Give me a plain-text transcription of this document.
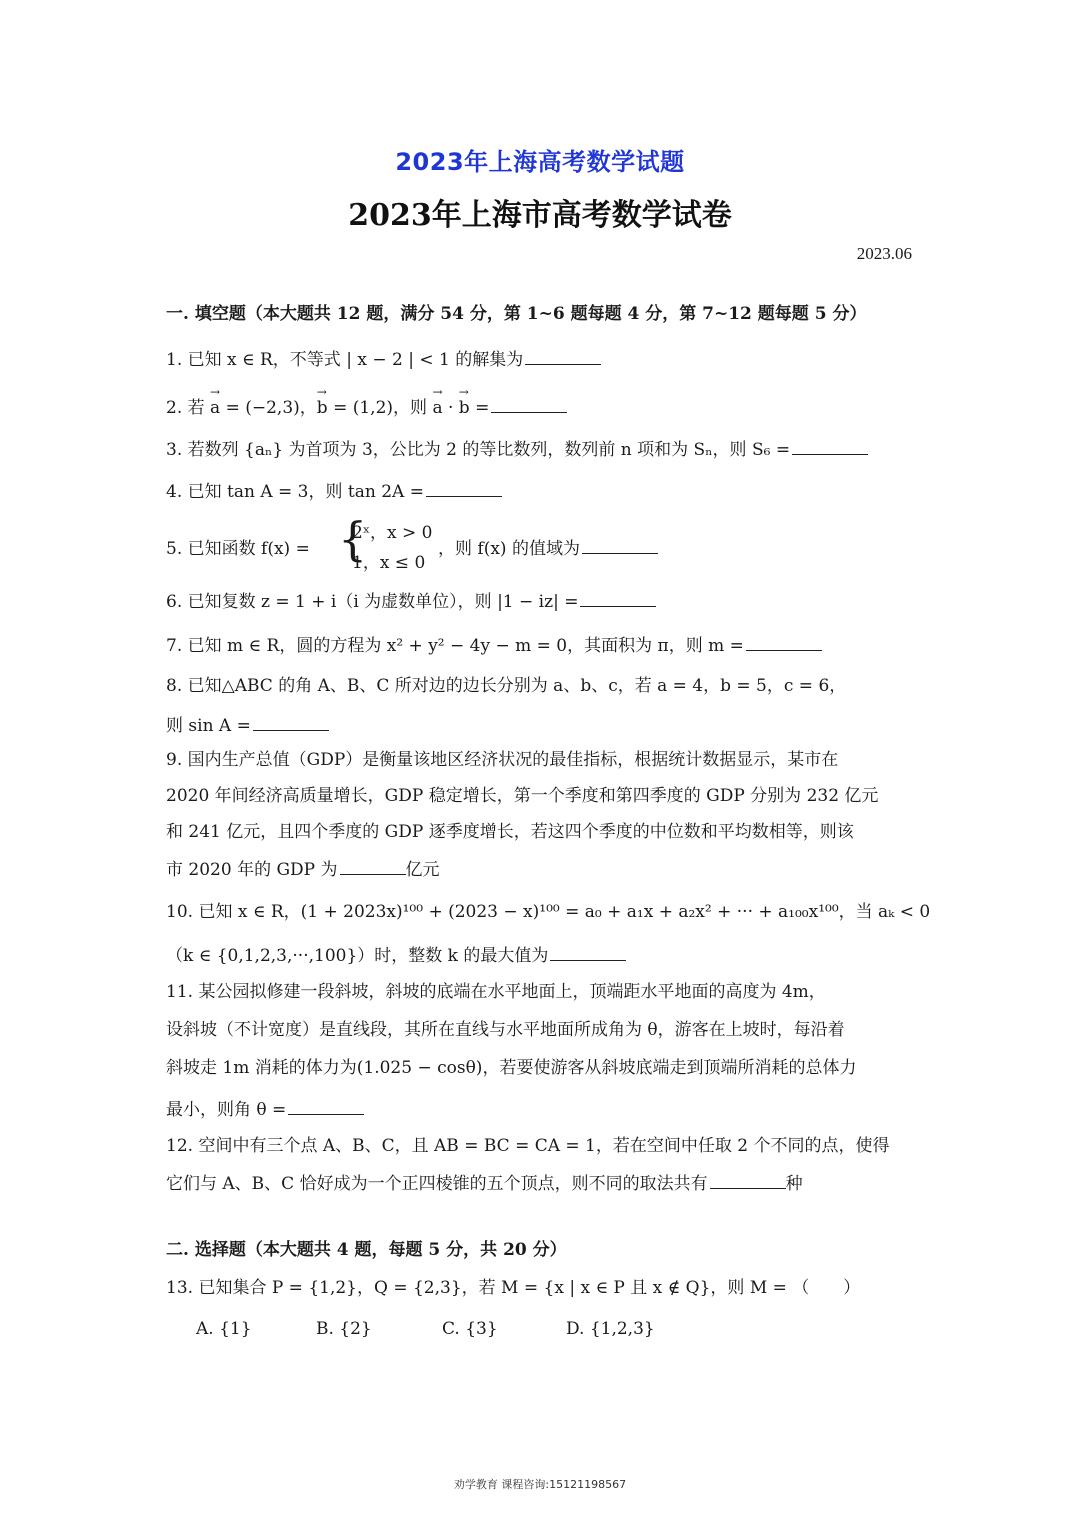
2023年上海高考数学试题
2023年上海市高考数学试卷
2023.06
一. 填空题（本大题共 12 题，满分 54 分，第 1~6 题每题 4 分，第 7~12 题每题 5 分）
1. 已知 x ∈ R，不等式 | x − 2 | < 1 的解集为
2. 若 → a = (−2,3)，→ b = (1,2)，则 → a · → b =
3. 若数列 {aₙ} 为首项为 3，公比为 2 的等比数列，数列前 n 项和为 Sₙ，则 S₆ =
4. 已知 tan A = 3，则 tan 2A =
5. 已知函数 f(x) = {
2ˣ，x > 0
1，x ≤ 0
，则 f(x) 的值域为
6. 已知复数 z = 1 + i（i 为虚数单位），则 |1 − iz| =
7. 已知 m ∈ R，圆的方程为 x² + y² − 4y − m = 0，其面积为 π，则 m =
8. 已知△ABC 的角 A、B、C 所对边的边长分别为 a、b、c，若 a = 4，b = 5，c = 6，
则 sin A =
9. 国内生产总值（GDP）是衡量该地区经济状况的最佳指标，根据统计数据显示，某市在
2020 年间经济高质量增长，GDP 稳定增长，第一个季度和第四季度的 GDP 分别为 232 亿元
和 241 亿元，且四个季度的 GDP 逐季度增长，若这四个季度的中位数和平均数相等，则该
市 2020 年的 GDP 为	亿元
10. 已知 x ∈ R，(1 + 2023x)¹⁰⁰ + (2023 − x)¹⁰⁰ = a₀ + a₁x + a₂x² + ··· + a₁₀₀x¹⁰⁰，当 aₖ < 0
（k ∈ {0,1,2,3,···,100}）时，整数 k 的最大值为
11. 某公园拟修建一段斜坡，斜坡的底端在水平地面上，顶端距水平地面的高度为 4m，
设斜坡（不计宽度）是直线段，其所在直线与水平地面所成角为 θ，游客在上坡时，每沿着
斜坡走 1m 消耗的体力为(1.025 − cosθ)，若要使游客从斜坡底端走到顶端所消耗的总体力
最小，则角 θ =
12. 空间中有三个点 A、B、C，且 AB = BC = CA = 1，若在空间中任取 2 个不同的点，使得
它们与 A、B、C 恰好成为一个正四棱锥的五个顶点，则不同的取法共有	种
二. 选择题（本大题共 4 题，每题 5 分，共 20 分）
13. 已知集合 P = {1,2}，Q = {2,3}，若 M = {x | x ∈ P 且 x ∉ Q}，则 M = （　　）
A. {1}	B. {2}	C. {3}	D. {1,2,3}
劝学教育 课程咨询:15121198567
